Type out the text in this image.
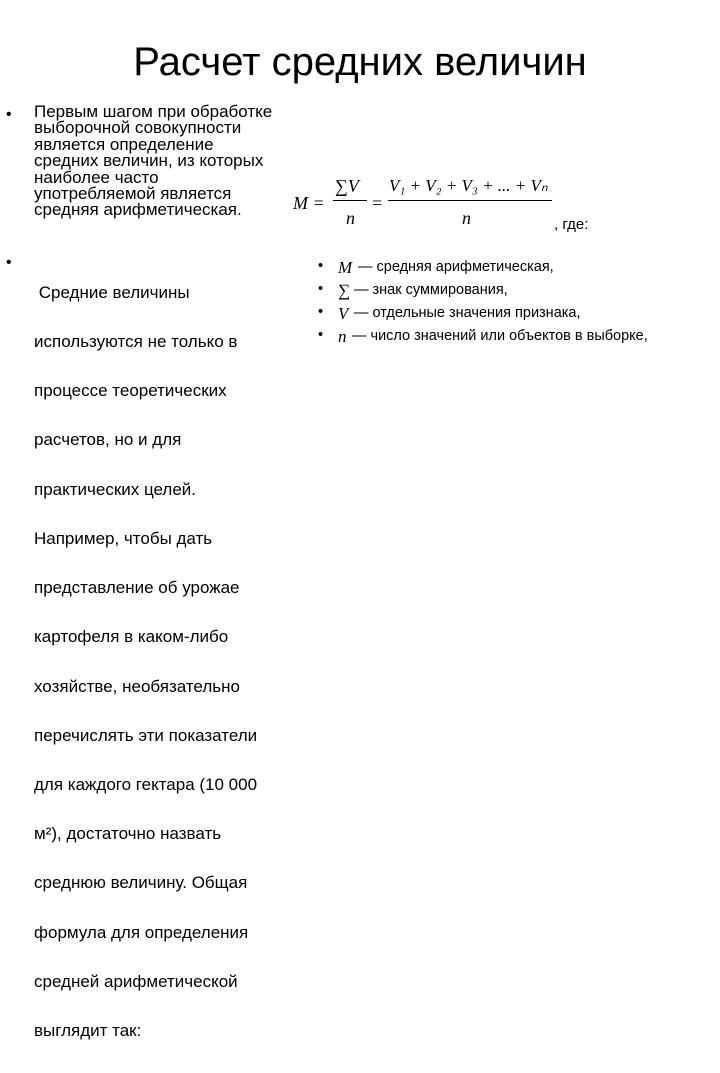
Расчет средних величин
• Первым шагом при обработке
выборочной совокупности
является определение
средних величин, из которых
наиболее часто
употребляемой является
средняя арифметическая.
•

Средние величины

используются не только в

процессе теоретических

расчетов, но и для

практических целей.

Например, чтобы дать

представление об урожае

картофеля в каком-либо

хозяйстве, необязательно

перечислять эти показатели

для каждого гектара (10 000

м²), достаточно назвать

среднюю величину. Общая

формула для определения

средней арифметической

выглядит так:

M =
∑V
n
=
V₁ + V₂ + V₃ + ... + Vₙ
n	, где:
• M — средняя арифметическая,
• ∑ — знак суммирования,
• V — отдельные значения признака,
• n — число значений или объектов в выборке,
